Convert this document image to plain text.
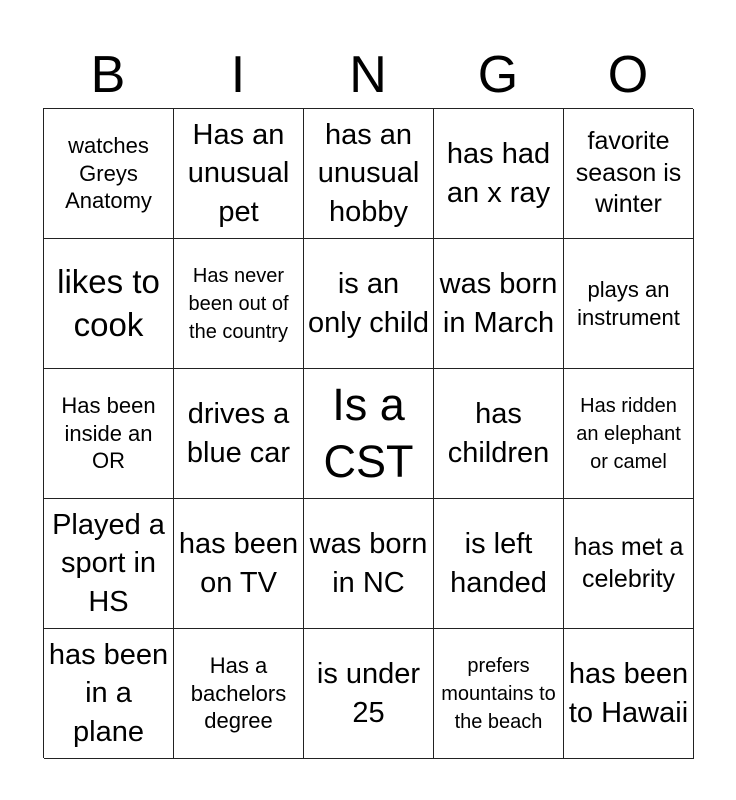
B	I	N	G	O
watches Greys Anatomy
Has an unusual pet
has an unusual hobby
has had an x ray
favorite season is winter
likes to cook
Has never been out of the country
is an only child
was born in March
plays an instrument
Has been inside an OR
drives a blue car
Is a CST
has children
Has ridden an elephant or camel
Played a sport in HS
has been on TV
was born in NC
is left handed
has met a celebrity
has been in a plane
Has a bachelors degree
is under 25
prefers mountains to the beach
has been to Hawaii
